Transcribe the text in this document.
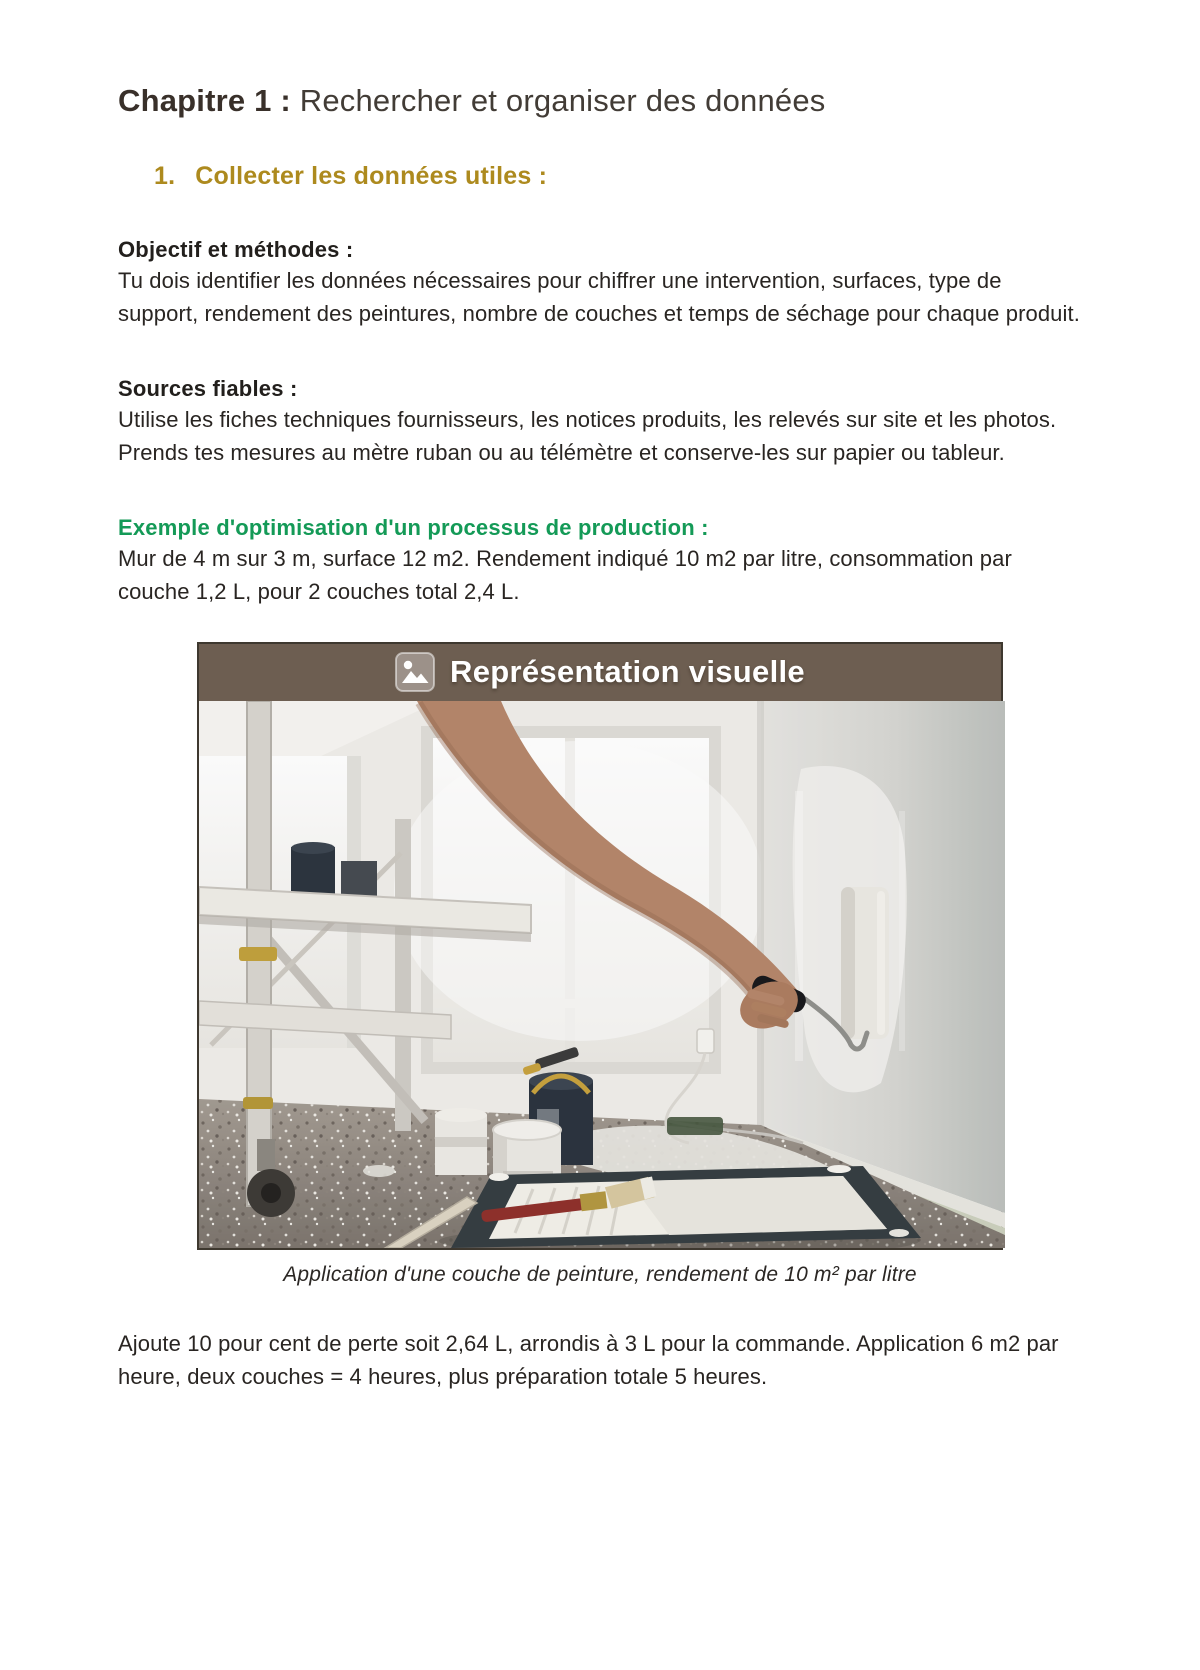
Chapitre 1 : Rechercher et organiser des données
1. Collecter les données utiles :
Objectif et méthodes :

Tu dois identifier les données nécessaires pour chiffrer une intervention, surfaces, type de support, rendement des peintures, nombre de couches et temps de séchage pour chaque produit.

Sources fiables :

Utilise les fiches techniques fournisseurs, les notices produits, les relevés sur site et les photos. Prends tes mesures au mètre ruban ou au télémètre et conserve-les sur papier ou tableur.

Exemple d'optimisation d'un processus de production :

Mur de 4 m sur 3 m, surface 12 m2. Rendement indiqué 10 m2 par litre, consommation par couche 1,2 L, pour 2 couches total 2,4 L.

Représentation visuelle
Application d'une couche de peinture, rendement de 10 m² par litre

Ajoute 10 pour cent de perte soit 2,64 L, arrondis à 3 L pour la commande. Application 6 m2 par heure, deux couches = 4 heures, plus préparation totale 5 heures.
